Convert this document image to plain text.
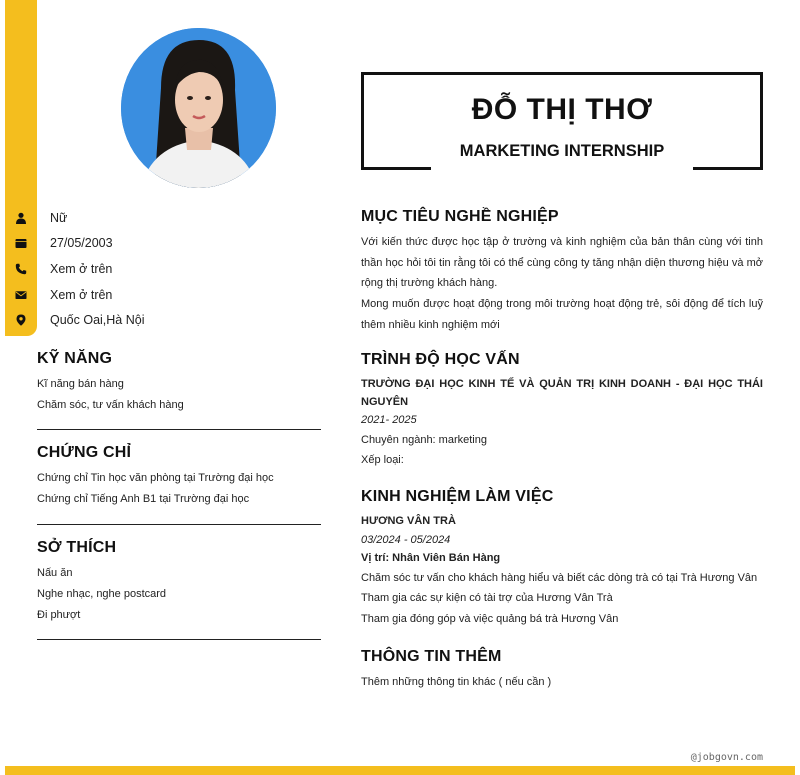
Nữ
27/05/2003
Xem ở trên
Xem ở trên
Quốc Oai,Hà Nội
KỸ NĂNG
Kĩ năng bán hàng
Chăm sóc, tư vấn khách hàng
CHỨNG CHỈ
Chứng chỉ Tin học văn phòng tại Trường đại học
Chứng chỉ Tiếng Anh B1 tại Trường đại học
SỞ THÍCH
Nấu ăn
Nghe nhạc, nghe postcard
Đi phượt
ĐỖ THỊ THƠ
MARKETING INTERNSHIP
MỤC TIÊU NGHỀ NGHIỆP
Với kiến thức được học tập ở trường và kinh nghiệm của bản thân cùng với tinh thần học hỏi tôi tin rằng tôi có thể cùng công ty tăng nhận diện thương hiệu và mở rộng thị trường khách hàng.
Mong muốn được hoạt động trong môi trường hoạt động trẻ, sôi động để tích luỹ thêm nhiều kinh nghiệm mới
TRÌNH ĐỘ HỌC VẤN
TRƯỜNG ĐẠI HỌC KINH TẾ VÀ QUẢN TRỊ KINH DOANH - ĐẠI HỌC THÁI NGUYÊN
2021- 2025
Chuyên ngành: marketing
Xếp loại:
KINH NGHIỆM LÀM VIỆC
HƯƠNG VÂN TRÀ
03/2024 - 05/2024
Vị trí: Nhân Viên Bán Hàng
Chăm sóc tư vấn cho khách hàng hiểu và biết các dòng trà có tại Trà Hương Vân
Tham gia các sự kiện có tài trợ của Hương Vân Trà
Tham gia đóng góp và việc quảng bá trà Hương Vân
THÔNG TIN THÊM
Thêm những thông tin khác ( nếu cần )
@jobgovn.com
